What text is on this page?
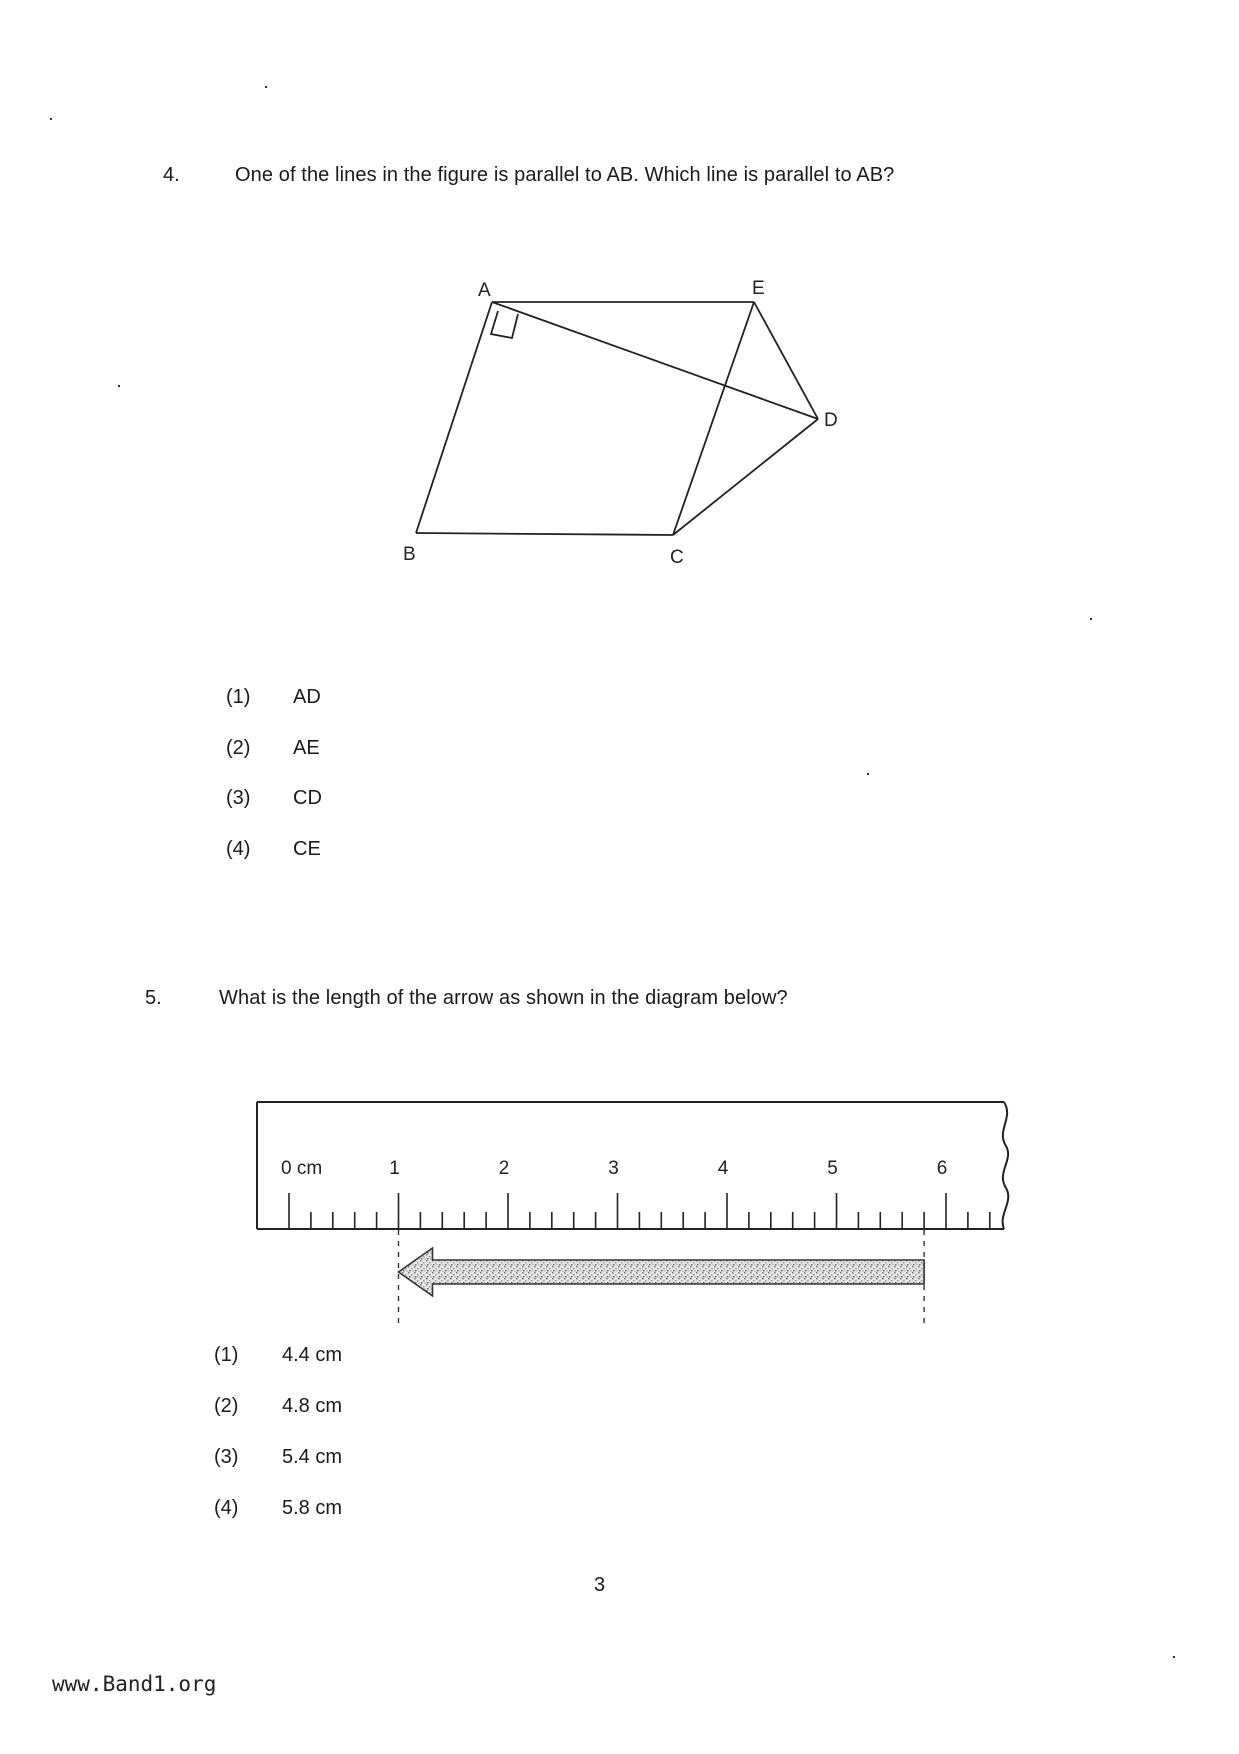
4.	One of the lines in the figure is parallel to AB. Which line is parallel to AB?
A	E
D
B	C
(1) AD
(2) AE
(3) CD
(4) CE
5.	What is the length of the arrow as shown in the diagram below?
0 cm	1	2	3	4	5	6
(1) 4.4 cm
(2) 4.8 cm
(3) 5.4 cm
(4) 5.8 cm
3
www.Band1.org
